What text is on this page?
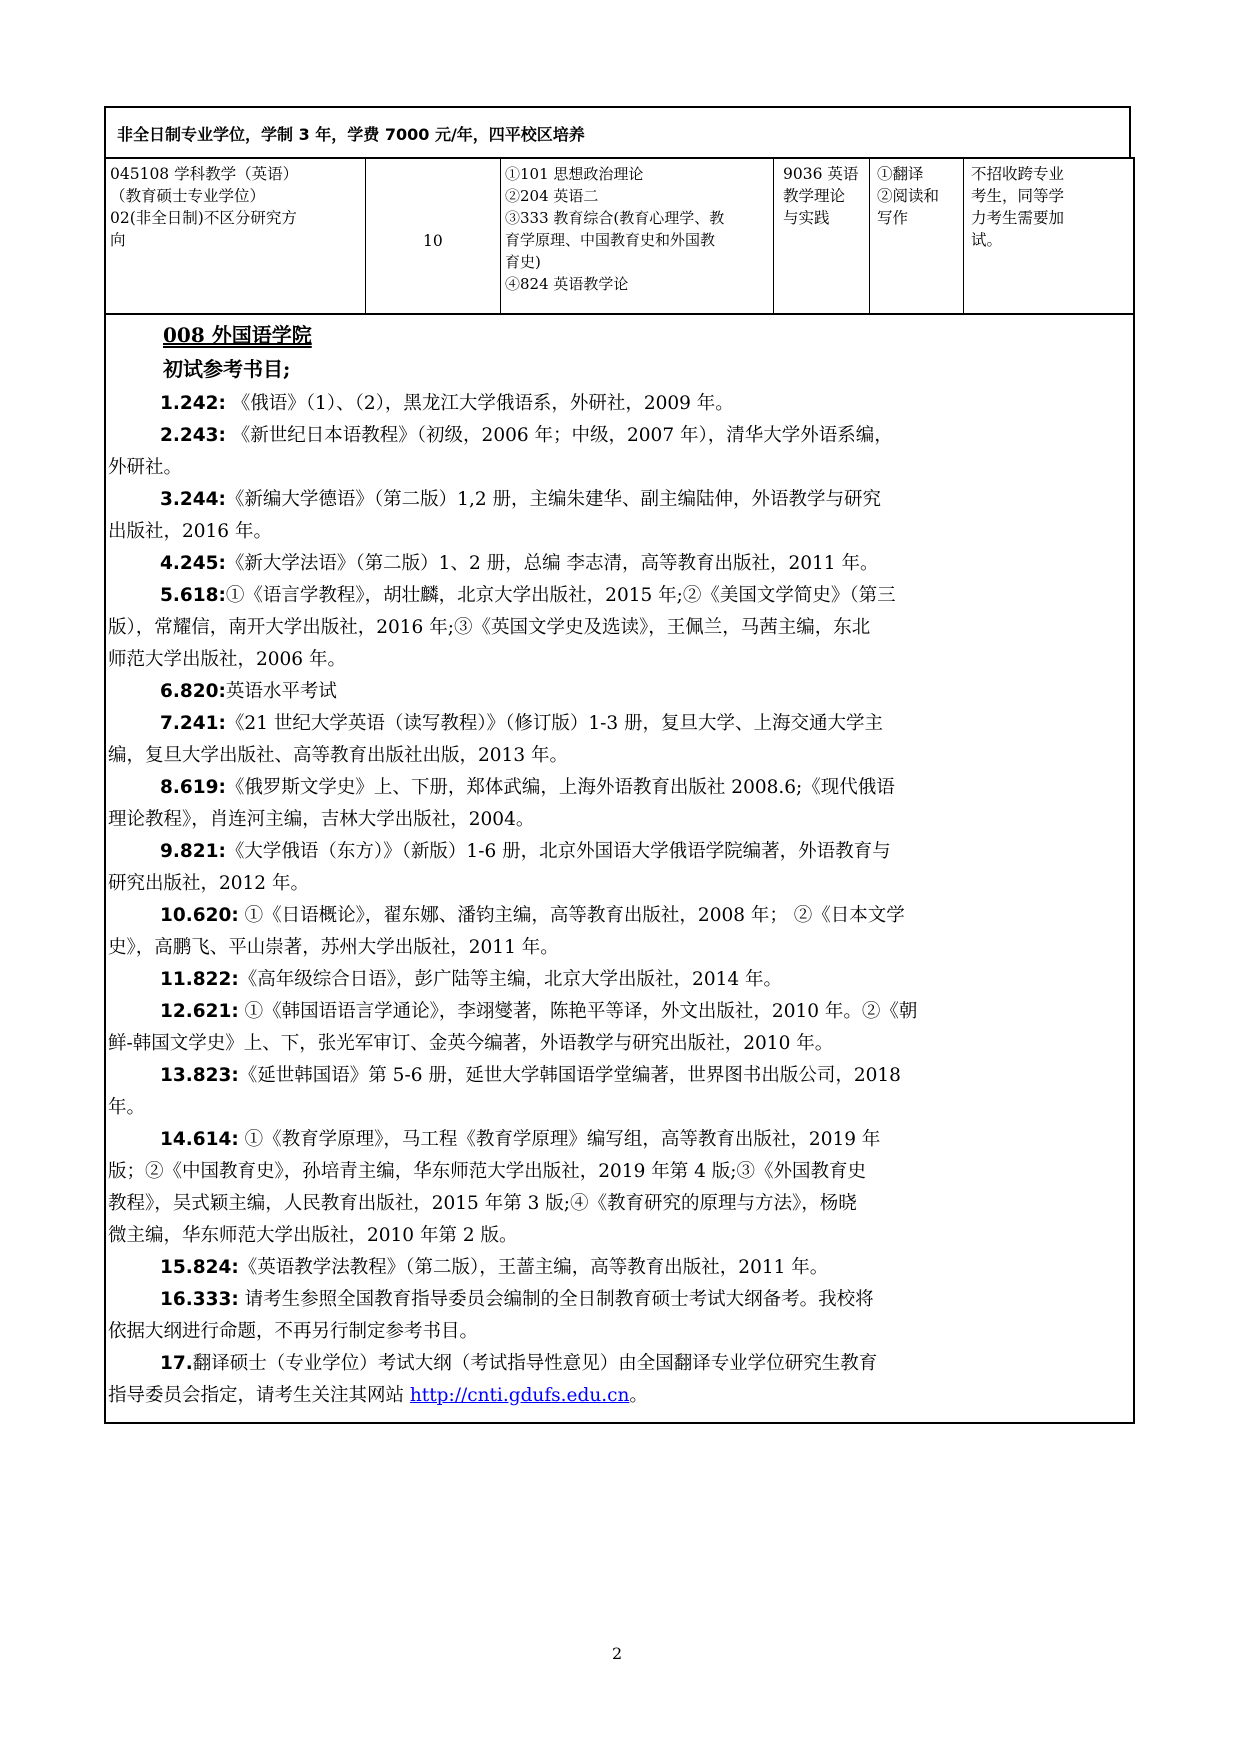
非全日制专业学位，学制 3 年，学费 7000 元/年，四平校区培养
045108 学科教学（英语）
（教育硕士专业学位）
02(非全日制)不区分研究方
向	10
①101 思想政治理论
②204 英语二
③333 教育综合(教育心理学、教
育学原理、中国教育史和外国教
育史)
④824 英语教学论
9036 英语
教学理论
与实践
①翻译
②阅读和
写作
不招收跨专业
考生，同等学
力考生需要加
试。
008 外国语学院
初试参考书目;
1.242: 《俄语》（1）、（2），黑龙江大学俄语系，外研社，2009 年。
2.243: 《新世纪日本语教程》（初级，2006 年；中级，2007 年），清华大学外语系编，
外研社。
3.244:《新编大学德语》（第二版）1,2 册，主编朱建华、副主编陆伸，外语教学与研究
出版社，2016 年。
4.245:《新大学法语》（第二版）1、2 册，总编 李志清，高等教育出版社，2011 年。
5.618:①《语言学教程》，胡壮麟，北京大学出版社，2015 年;②《美国文学简史》（第三
版），常耀信，南开大学出版社，2016 年;③《英国文学史及选读》，王佩兰，马茜主编，东北
师范大学出版社，2006 年。
6.820:英语水平考试
7.241:《21 世纪大学英语（读写教程）》（修订版）1-3 册，复旦大学、上海交通大学主
编，复旦大学出版社、高等教育出版社出版，2013 年。
8.619:《俄罗斯文学史》上、下册，郑体武编，上海外语教育出版社 2008.6;《现代俄语
理论教程》，肖连河主编，吉林大学出版社，2004。
9.821:《大学俄语（东方）》（新版）1-6 册，北京外国语大学俄语学院编著，外语教育与
研究出版社，2012 年。
10.620: ①《日语概论》，翟东娜、潘钧主编，高等教育出版社，2008 年； ②《日本文学
史》，高鹏飞、平山崇著，苏州大学出版社，2011 年。
11.822:《高年级综合日语》，彭广陆等主编，北京大学出版社，2014 年。
12.621: ①《韩国语语言学通论》，李翊燮著，陈艳平等译，外文出版社，2010 年。②《朝
鲜-韩国文学史》上、下，张光军审订、金英今编著，外语教学与研究出版社，2010 年。
13.823:《延世韩国语》第 5-6 册，延世大学韩国语学堂编著，世界图书出版公司，2018
年。
14.614: ①《教育学原理》，马工程《教育学原理》编写组，高等教育出版社，2019 年
版；②《中国教育史》，孙培青主编，华东师范大学出版社，2019 年第 4 版;③《外国教育史
教程》，吴式颖主编，人民教育出版社，2015 年第 3 版;④《教育研究的原理与方法》，杨晓
微主编，华东师范大学出版社，2010 年第 2 版。
15.824:《英语教学法教程》（第二版），王蔷主编，高等教育出版社，2011 年。
16.333: 请考生参照全国教育指导委员会编制的全日制教育硕士考试大纲备考。我校将
依据大纲进行命题，不再另行制定参考书目。
17.翻译硕士（专业学位）考试大纲（考试指导性意见）由全国翻译专业学位研究生教育
指导委员会指定，请考生关注其网站 http://cnti.gdufs.edu.cn。
2
